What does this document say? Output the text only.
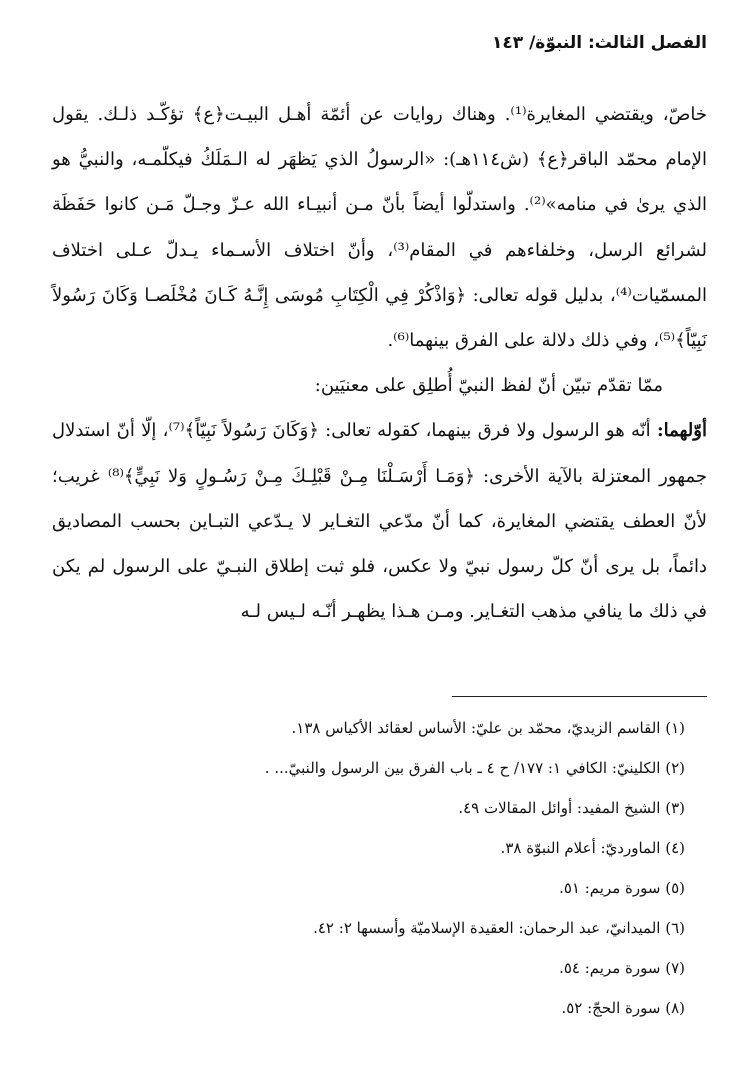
الفصل الثالث: النبوّة/ ١٤٣

خاصّ، ويقتضي المغايرة⁽¹⁾. وهناك روايات عن أئمّة أهـل البيـت﴿ع﴾ تؤكّـد ذلـك. يقول الإمام محمّد الباقر﴿ع﴾ (ش١١٤هـ): «الرسولُ الذي يَظهَر له الـمَلَكُ فيكلّمـه، والنبيُّ هو الذي يرىٰ في منامه»⁽²⁾. واستدلّوا أيضاً بأنّ مـن أنبيـاء الله عـزّ وجـلّ مَـن كانوا حَفَظَة لشرائع الرسل، وخلفاءهم في المقام⁽³⁾، وأنّ اختلاف الأسـماء يـدلّ عـلى اختلاف المسمّيات⁽⁴⁾، بدليل قوله تعالى: ﴿وَاذْكُرْ فِي الْكِتَابِ مُوسَى إِنَّـهُ كَـانَ مُخْلَصـا وَكَانَ رَسُولاً نَبِيّاً﴾⁽⁵⁾، وفي ذلك دلالة على الفرق بينهما⁽⁶⁾.

ممّا تقدّم تبيّن أنّ لفظ النبيّ أُطلِق على معنيَين:

أوّلهما: أنّه هو الرسول ولا فرق بينهما، كقوله تعالى: ﴿وَكَانَ رَسُولاً نَبِيّاً﴾⁽⁷⁾، إلّا أنّ استدلال جمهور المعتزلة بالآية الأخرى: ﴿وَمَـا أَرْسَـلْنَا مِـنْ قَبْلِـكَ مِـنْ رَسُـولٍ وَلا نَبِيٍّ﴾⁽⁸⁾ غريب؛ لأنّ العطف يقتضي المغايرة، كما أنّ مدّعي التغـاير لا يـدّعي التبـاين بحسب المصاديق دائماً، بل يرى أنّ كلّ رسول نبيّ ولا عكس، فلو ثبت إطلاق النبـيّ على الرسول لم يكن في ذلك ما ينافي مذهب التغـاير. ومـن هـذا يظهـر أنّـه لـيس لـه

(١) القاسم الزيديّ، محمّد بن عليّ: الأساس لعقائد الأكياس ١٣٨.
(٢) الكلينيّ: الكافي ١: ١٧٧/ ح ٤ ـ باب الفرق بين الرسول والنبيّ... .
(٣) الشيخ المفيد: أوائل المقالات ٤٩.
(٤) الماورديّ: أعلام النبوّة ٣٨.
(٥) سورة مريم: ٥١.
(٦) الميدانيّ، عبد الرحمان: العقيدة الإسلاميّة وأسسها ٢: ٤٢.
(٧) سورة مريم: ٥٤.
(٨) سورة الحجّ: ٥٢.
